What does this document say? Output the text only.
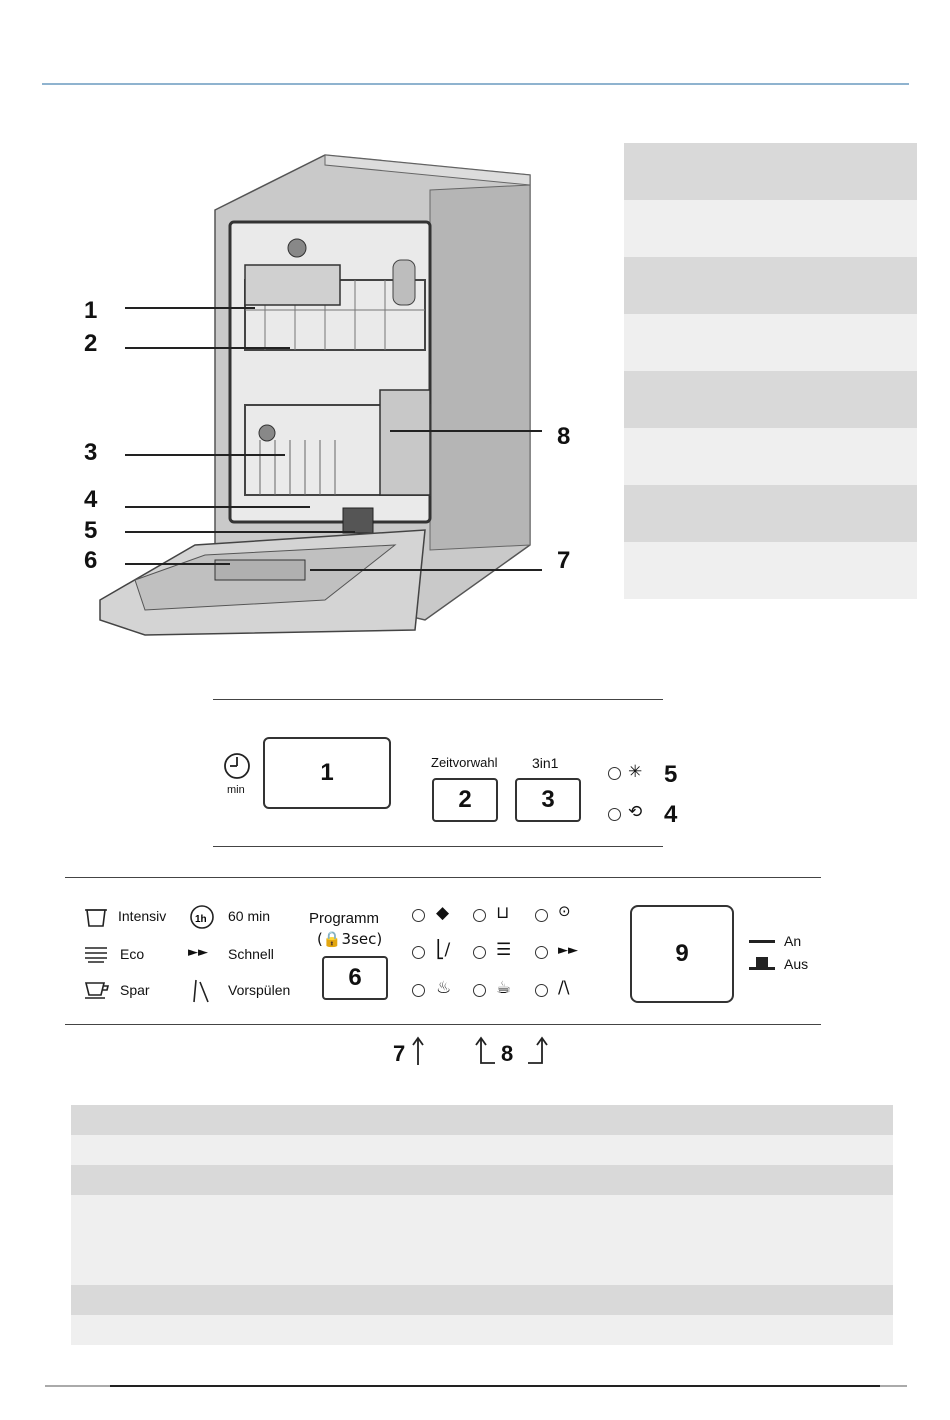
1
2
3
4
5
6
8
7
min
1	Zeitvorwahl
2
3in1
3
✳ 5
⟲ 4
Intensiv
Eco
Spar
1h 60 min
►► Schnell
Vorspülen
Programm
(🔒3sec)
6
◆	⊔	⊙
⎣/	☰	►►
♨	☕	/\
9	An
Aus
7	8
